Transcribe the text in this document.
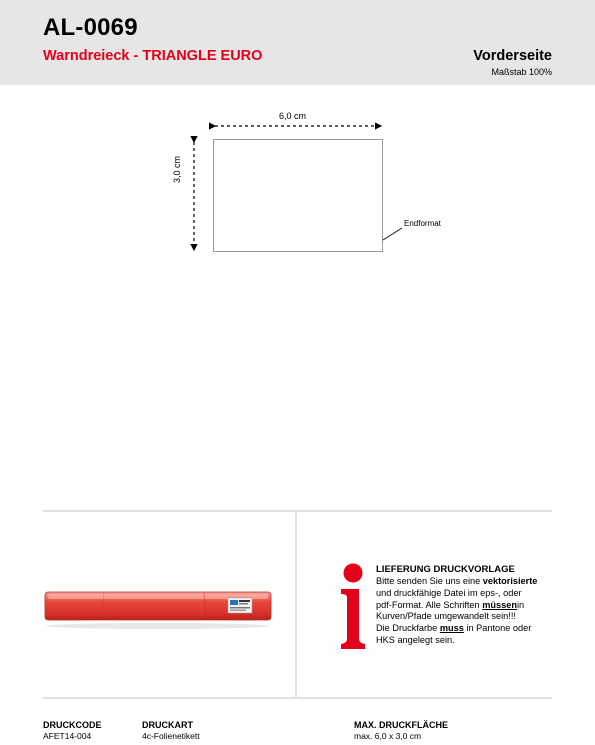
AL-0069
Warndreieck - TRIANGLE EURO	Vorderseite
Maßstab 100%
6,0 cm
3,0 cm
Endformat
LIEFERUNG DRUCKVORLAGE
Bitte senden Sie uns eine vektorisierte
und druckfähige Datei im eps-, oder
pdf-Format. Alle Schriften müssenin
Kurven/Pfade umgewandelt sein!!!
Die Druckfarbe muss in Pantone oder
HKS angelegt sein.
DRUCKCODE
AFET14-004
DRUCKART
4c-Folienetikett
MAX. DRUCKFLÄCHE
max. 6,0 x 3,0 cm
